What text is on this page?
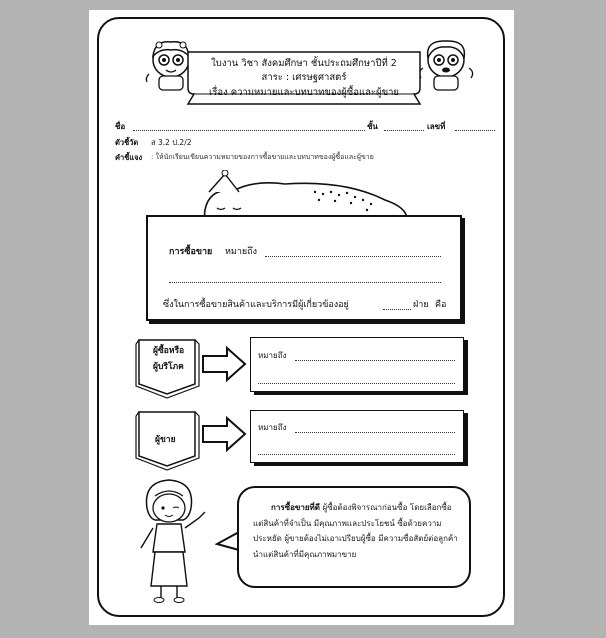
ใบงาน วิชา สังคมศึกษา ชั้นประถมศึกษาปีที่ 2
สาระ : เศรษฐศาสตร์
เรื่อง ความหมายและบทบาทของผู้ซื้อและผู้ขาย
ชื่อ	ชั้น	เลขที่
ตัวชี้วัด ส 3.2 ป.2/2
คำชี้แจง : ให้นักเรียนเขียนความหมายของการซื้อขายและบทบาทของผู้ซื้อและผู้ขาย
การซื้อขาย หมายถึง
ซึ่งในการซื้อขายสินค้าและบริการมีผู้เกี่ยวข้องอยู่	ฝ่าย คือ
ผู้ซื้อหรือ
ผู้บริโภค
หมายถึง
ผู้ขาย
หมายถึง
การซื้อขายที่ดี ผู้ซื้อต้องพิจารณาก่อนซื้อ โดยเลือกซื้อแต่สินค้าที่จำเป็น มีคุณภาพและประโยชน์ ซื้อด้วยความประหยัด ผู้ขายต้องไม่เอาเปรียบผู้ซื้อ มีความซื่อสัตย์ต่อลูกค้า นำแต่สินค้าที่มีคุณภาพมาขาย
